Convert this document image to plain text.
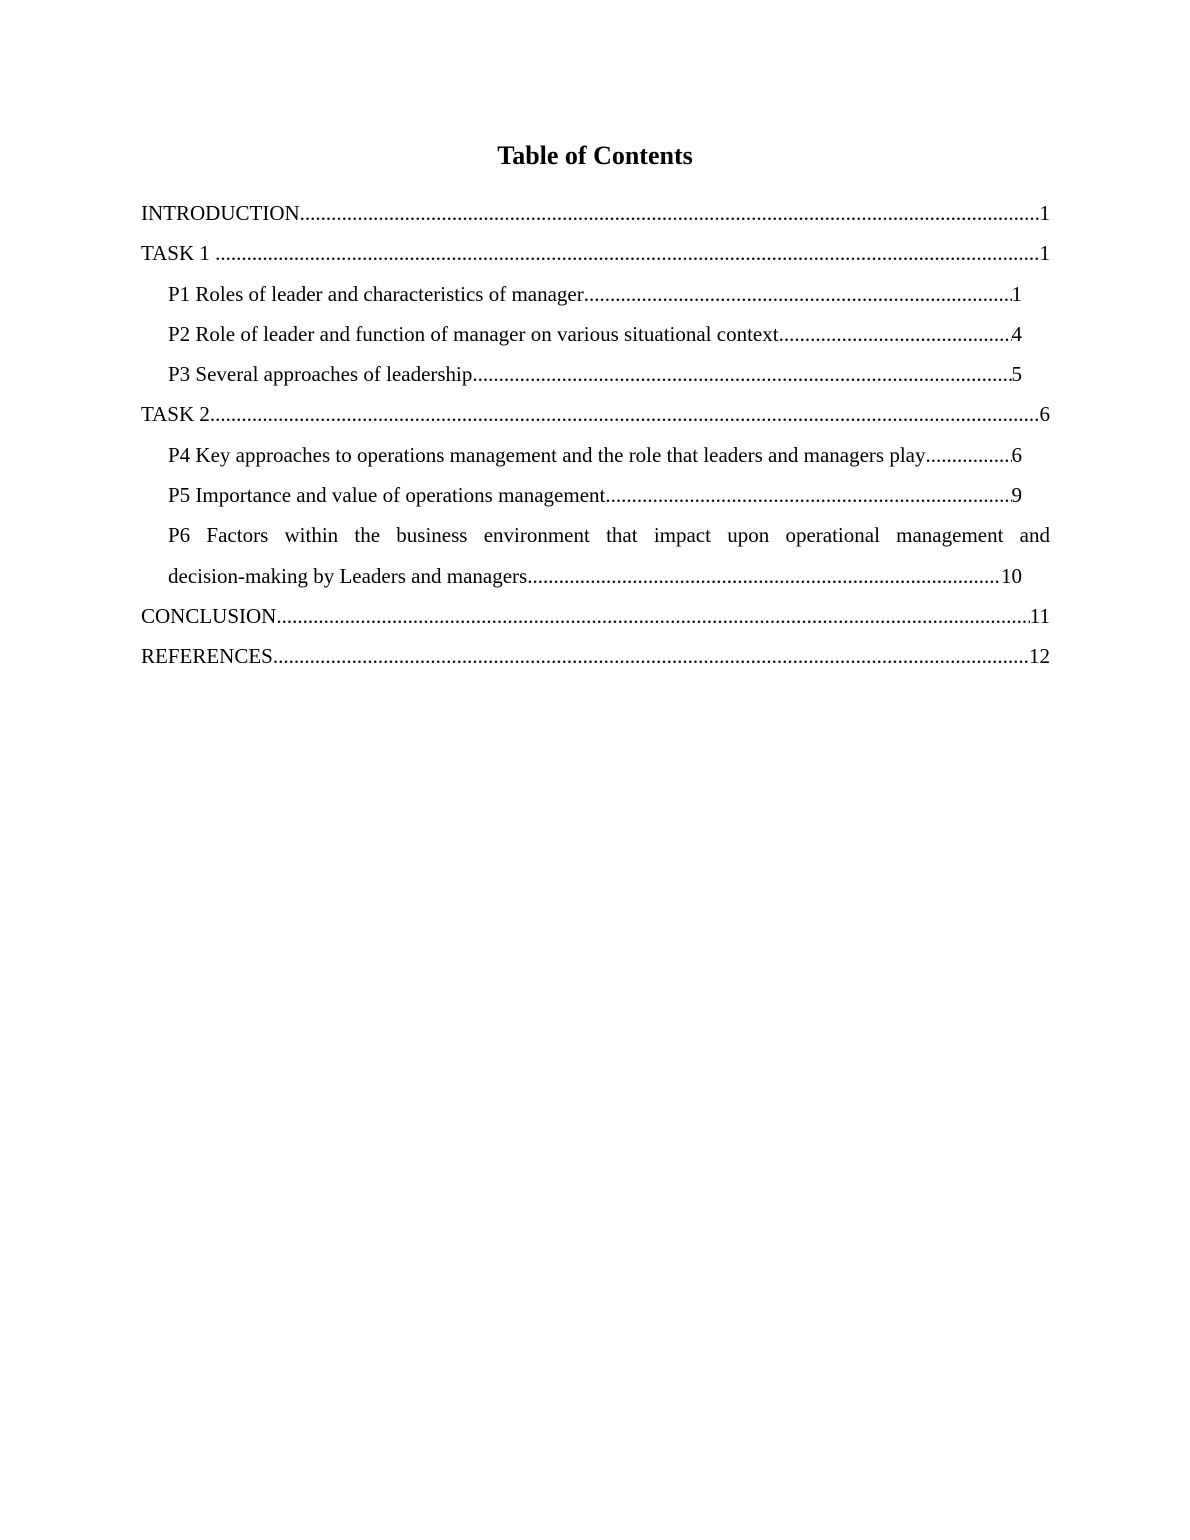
Table of Contents
INTRODUCTION .....	1
TASK 1 .....	1
P1 Roles of leader and characteristics of manager .....	1
P2 Role of leader and function of manager on various situational context .....	4
P3 Several approaches of leadership .....	5
TASK 2 .....	6
P4 Key approaches to operations management and the role that leaders and managers play .....	6
P5 Importance and value of operations management .....	9
P6 Factors within the business environment that impact upon operational management and
decision-making by Leaders and managers .....	10
CONCLUSION .....	11
REFERENCES .....	12
